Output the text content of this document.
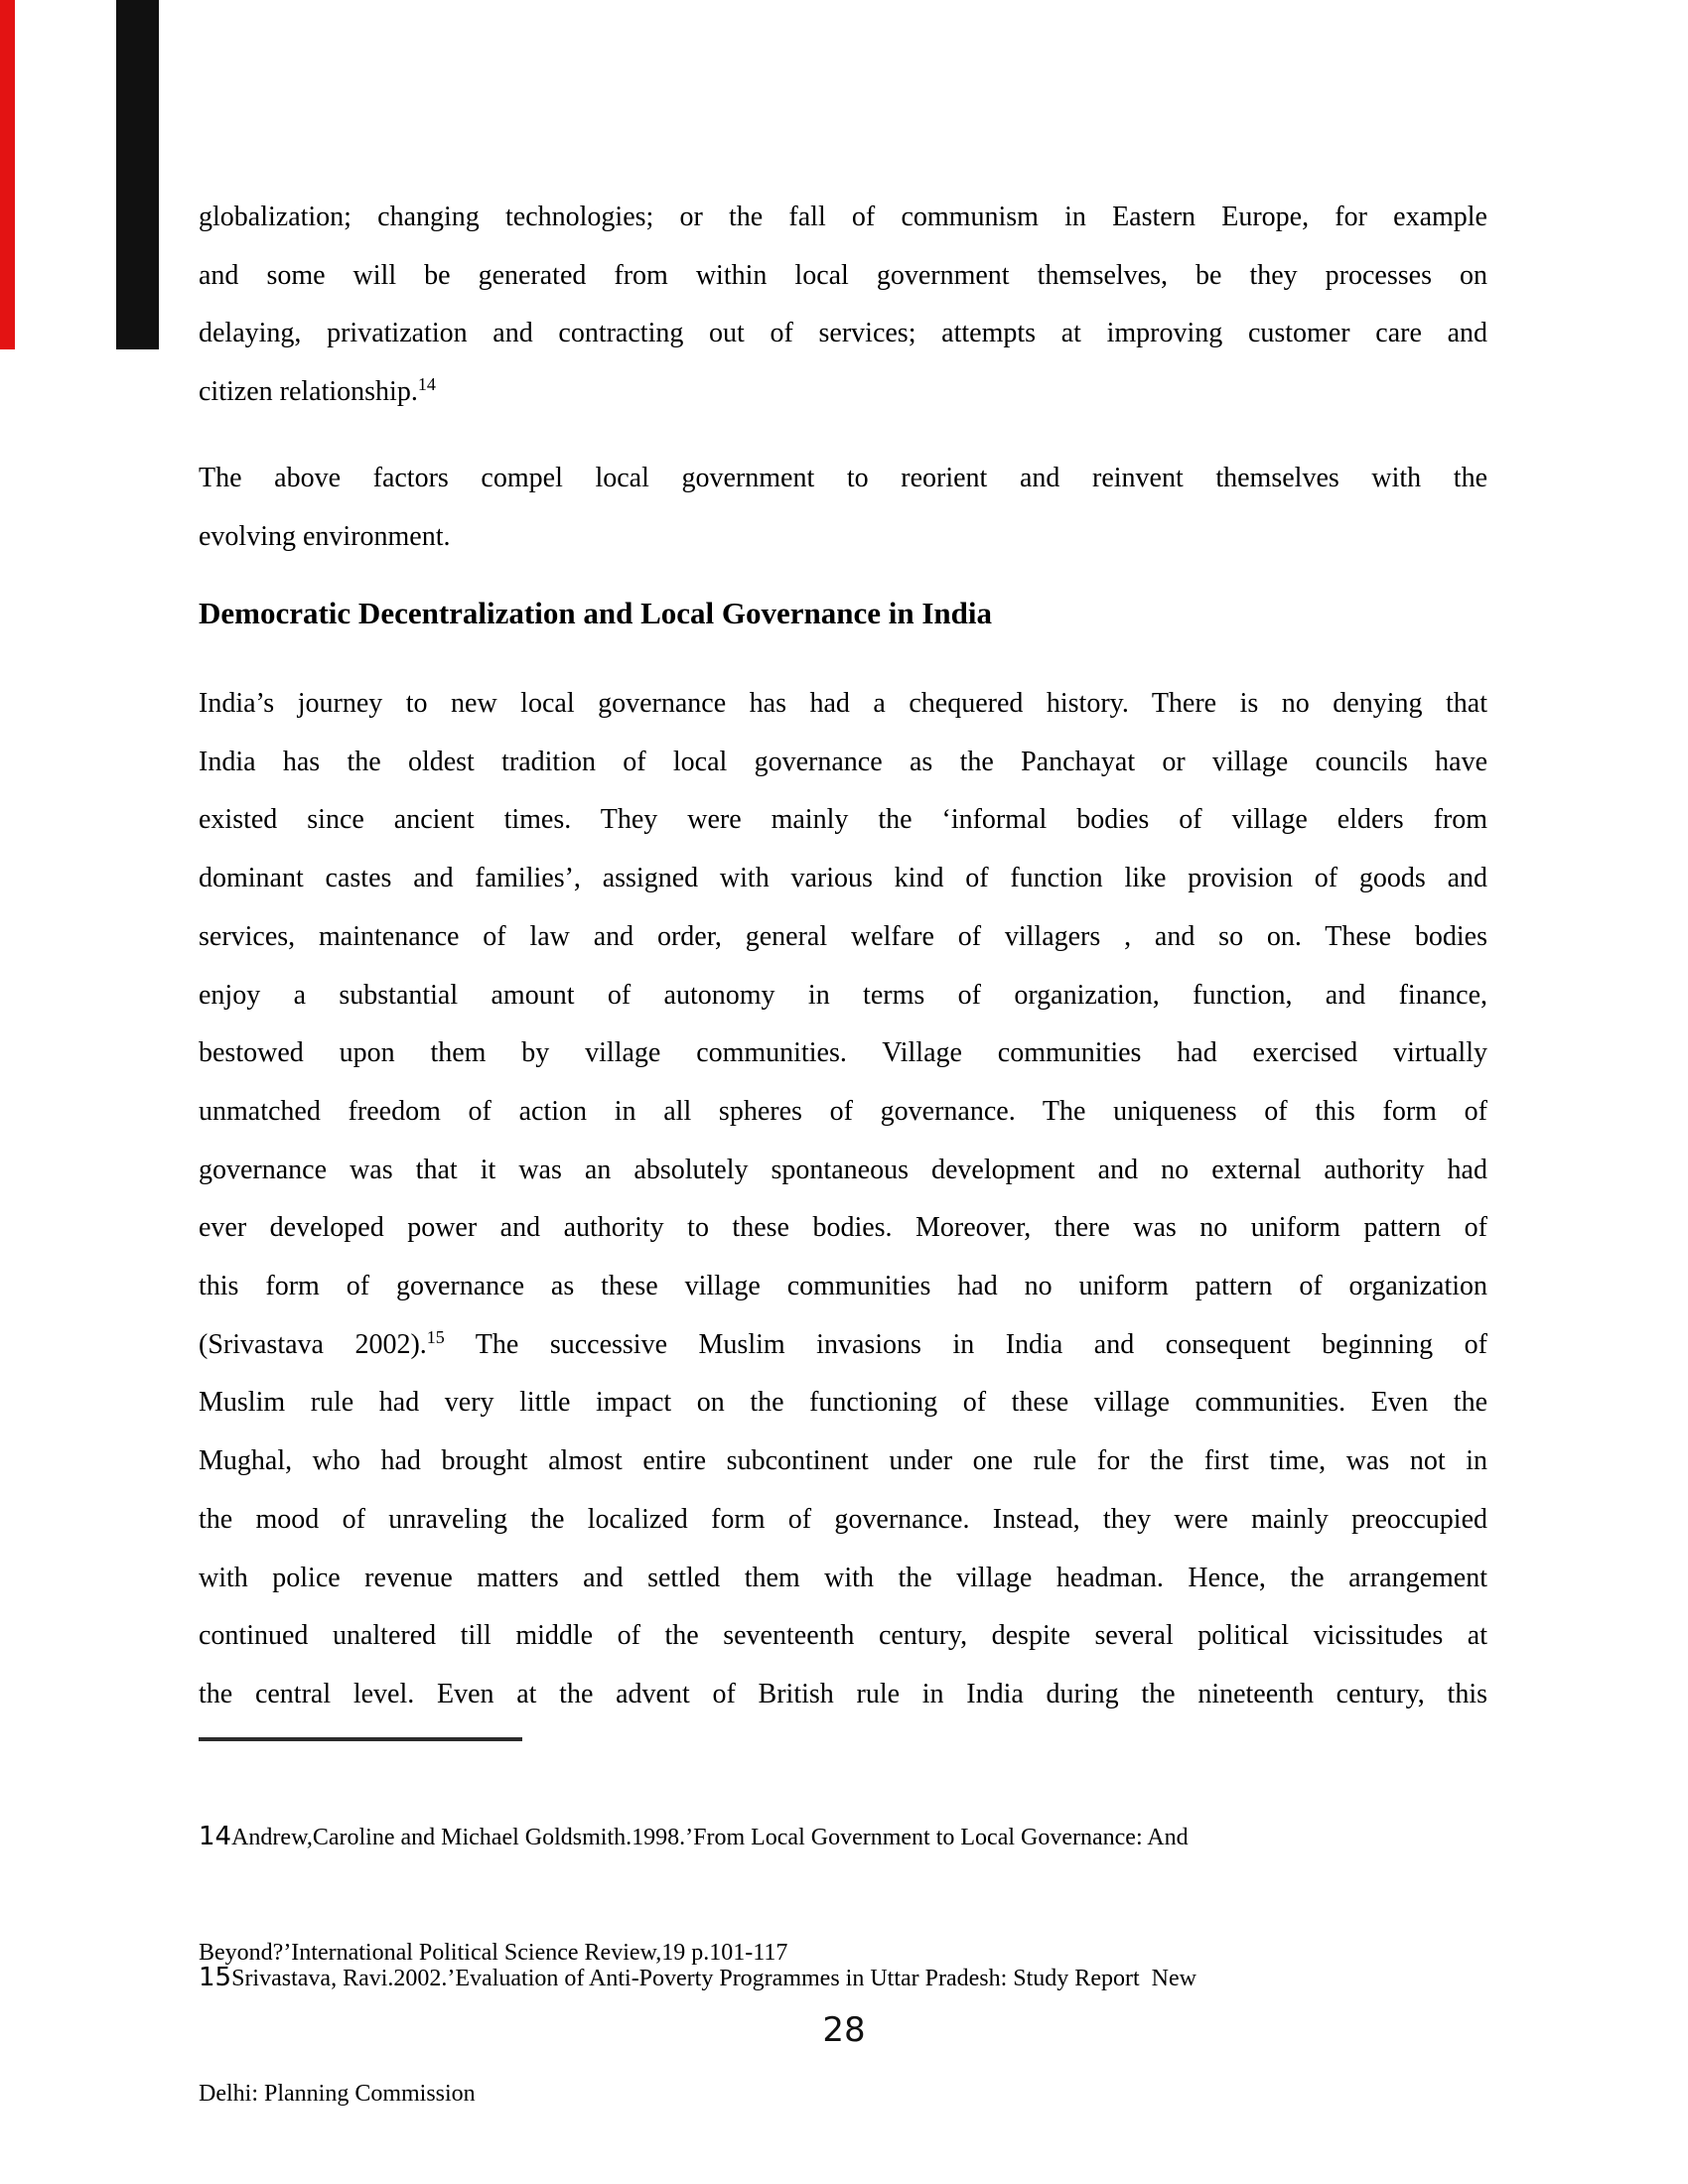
globalization; changing technologies; or the fall of communism in Eastern Europe, for example
and some will be generated from within local government themselves, be they processes on
delaying, privatization and contracting out of services; attempts at improving customer care and
citizen relationship.$^{14}$
The above factors compel local government to reorient and reinvent themselves with the
evolving environment.
Democratic Decentralization and Local Governance in India
India’s journey to new local governance has had a chequered history. There is no denying that
India has the oldest tradition of local governance as the Panchayat or village councils have
existed since ancient times. They were mainly the ‘informal bodies of village elders from
dominant castes and families’, assigned with various kind of function like provision of goods and
services, maintenance of law and order, general welfare of villagers , and so on. These bodies
enjoy a substantial amount of autonomy in terms of organization, function, and finance,
bestowed upon them by village communities. Village communities had exercised virtually
unmatched freedom of action in all spheres of governance. The uniqueness of this form of
governance was that it was an absolutely spontaneous development and no external authority had
ever developed power and authority to these bodies. Moreover, there was no uniform pattern of
this form of governance as these village communities had no uniform pattern of organization
(Srivastava 2002).$^{15}$ The successive Muslim invasions in India and consequent beginning of
Muslim rule had very little impact on the functioning of these village communities. Even the
Mughal, who had brought almost entire subcontinent under one rule for the first time, was not in
the mood of unraveling the localized form of governance. Instead, they were mainly preoccupied
with police revenue matters and settled them with the village headman. Hence, the arrangement
continued unaltered till middle of the seventeenth century, despite several political vicissitudes at
the central level. Even at the advent of British rule in India during the nineteenth century, this

14Andrew,Caroline and Michael Goldsmith.1998.’From Local Government to Local Governance: And

Beyond?’International Political Science Review,19 p.101-117

15Srivastava, Ravi.2002.’Evaluation of Anti-Poverty Programmes in Uttar Pradesh: Study Report  New

Delhi: Planning Commission

28
